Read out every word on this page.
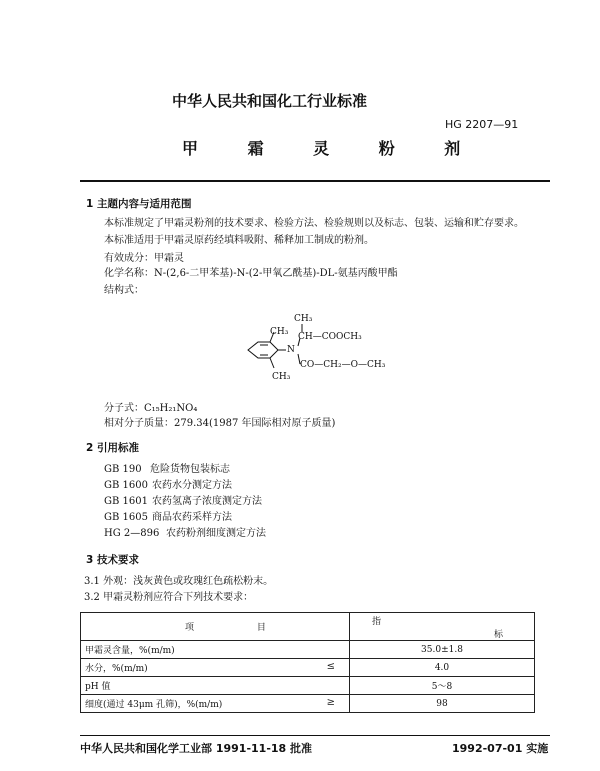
中华人民共和国化工行业标准
HG 2207—91
甲 霜 灵 粉 剂
1 主题内容与适用范围
本标准规定了甲霜灵粉剂的技术要求、检验方法、检验规则以及标志、包装、运输和贮存要求。
本标准适用于甲霜灵原药经填料吸附、稀释加工制成的粉剂。
有效成分：甲霜灵
化学名称：N-(2,6-二甲苯基)-N-(2-甲氧乙酰基)-DL-氨基丙酸甲酯
结构式：
CH₃
CH₃ CH—COOCH₃
N
CO—CH₂—O—CH₃
CH₃
分子式：C₁₅H₂₁NO₄
相对分子质量：279.34(1987 年国际相对原子质量)
2 引用标准
GB 190 危险货物包装标志
GB 1600 农药水分测定方法
GB 1601 农药氢离子浓度测定方法
GB 1605 商品农药采样方法
HG 2—896 农药粉剂细度测定方法
3 技术要求
3.1 外观：浅灰黄色或玫瑰红色疏松粉末。
3.2 甲霜灵粉剂应符合下列技术要求：
项 目	指 标
甲霜灵含量，%(m/m)	35.0±1.8
水分，%(m/m) ≤	4.0
pH 值	5～8
细度(通过 43μm 孔筛)，%(m/m) ≥	98
中华人民共和国化学工业部 1991-11-18 批准	1992-07-01 实施
